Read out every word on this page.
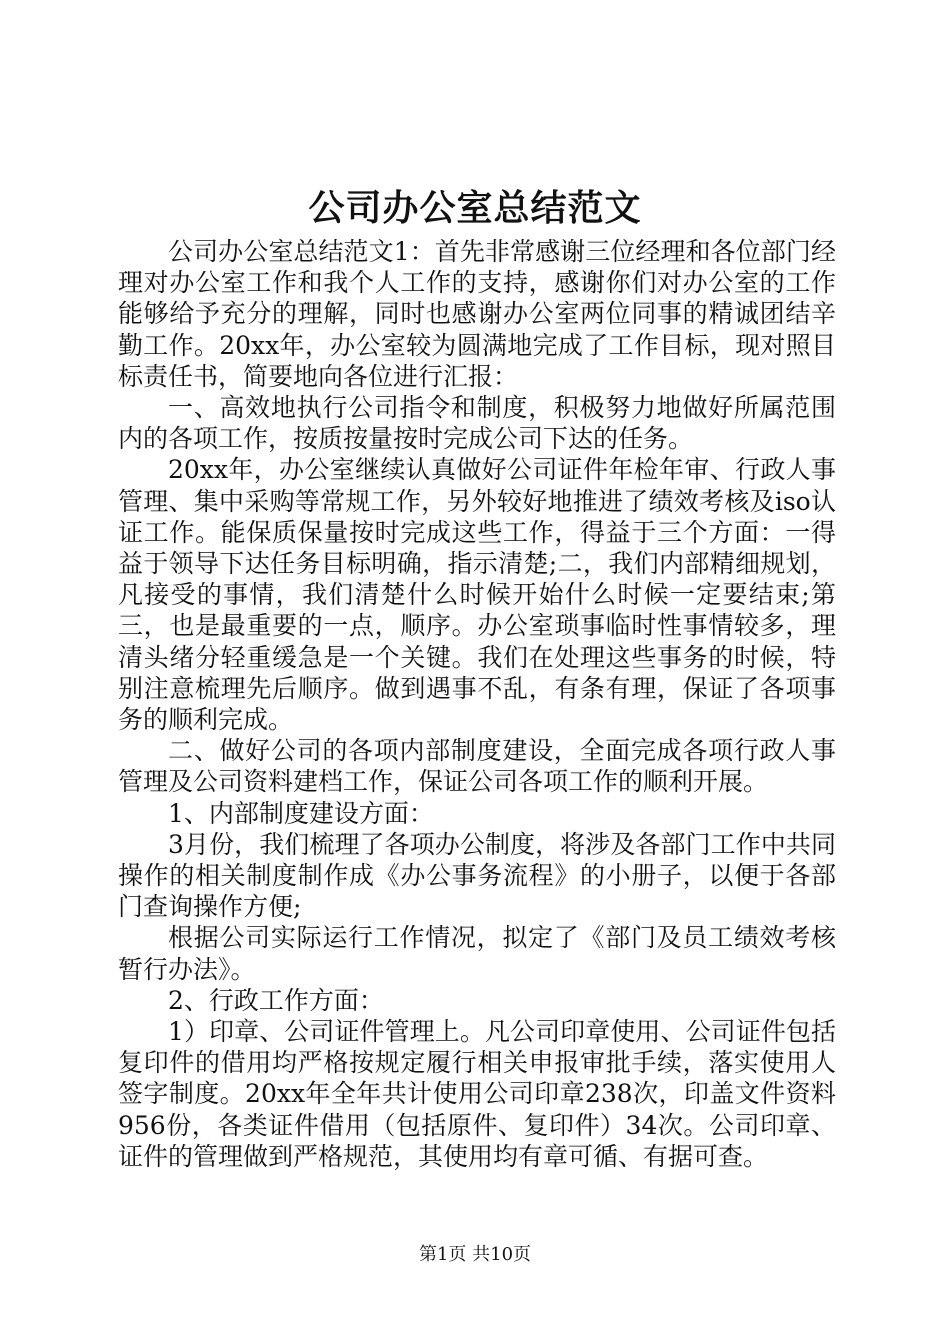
公司办公室总结范文

公司办公室总结范文1：首先非常感谢三位经理和各位部门经理对办公室工作和我个人工作的支持，感谢你们对办公室的工作能够给予充分的理解，同时也感谢办公室两位同事的精诚团结辛勤工作。20xx年，办公室较为圆满地完成了工作目标，现对照目标责任书，简要地向各位进行汇报：

一、高效地执行公司指令和制度，积极努力地做好所属范围内的各项工作，按质按量按时完成公司下达的任务。

20xx年，办公室继续认真做好公司证件年检年审、行政人事管理、集中采购等常规工作，另外较好地推进了绩效考核及iso认证工作。能保质保量按时完成这些工作，得益于三个方面：一得益于领导下达任务目标明确，指示清楚;二，我们内部精细规划，凡接受的事情，我们清楚什么时候开始什么时候一定要结束;第三，也是最重要的一点，顺序。办公室琐事临时性事情较多，理清头绪分轻重缓急是一个关键。我们在处理这些事务的时候，特别注意梳理先后顺序。做到遇事不乱，有条有理，保证了各项事务的顺利完成。

二、做好公司的各项内部制度建设，全面完成各项行政人事管理及公司资料建档工作，保证公司各项工作的顺利开展。

1、内部制度建设方面：

3月份，我们梳理了各项办公制度，将涉及各部门工作中共同操作的相关制度制作成《办公事务流程》的小册子，以便于各部门查询操作方便;

根据公司实际运行工作情况，拟定了《部门及员工绩效考核暂行办法》。

2、行政工作方面：

1）印章、公司证件管理上。凡公司印章使用、公司证件包括复印件的借用均严格按规定履行相关申报审批手续，落实使用人签字制度。20xx年全年共计使用公司印章238次，印盖文件资料956份，各类证件借用（包括原件、复印件）34次。公司印章、证件的管理做到严格规范，其使用均有章可循、有据可查。

第1页 共10页
